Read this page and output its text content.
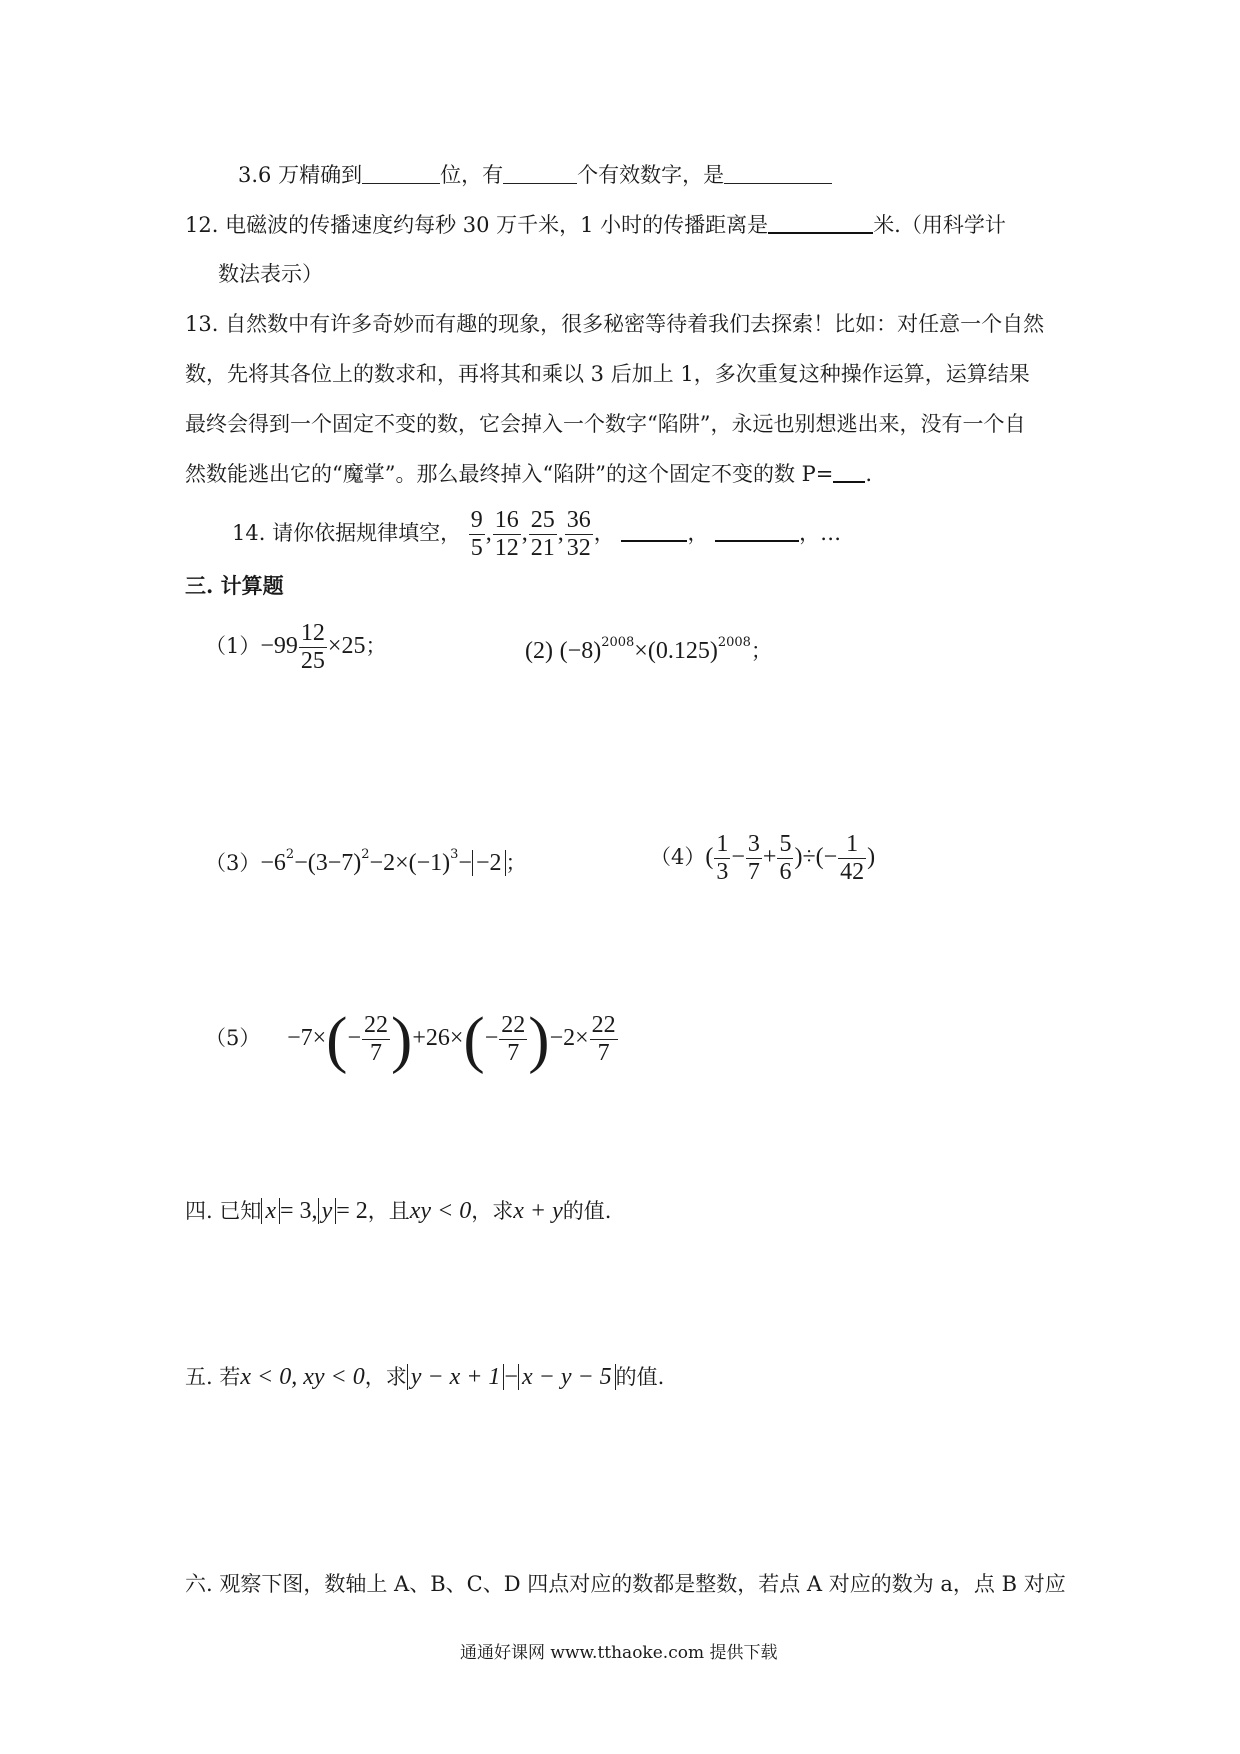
3.6 万精确到	位，有	个有效数字，是
12. 电磁波的传播速度约每秒 30 万千米，1 小时的传播距离是	米.（用科学计
数法表示）
13. 自然数中有许多奇妙而有趣的现象，很多秘密等待着我们去探索！比如：对任意一个自然
数，先将其各位上的数求和，再将其和乘以 3 后加上 1，多次重复这种操作运算，运算结果
最终会得到一个固定不变的数，它会掉入一个数字“陷阱”，永远也别想逃出来，没有一个自
然数能逃出它的“魔掌”。那么最终掉入“陷阱”的这个固定不变的数 P= .
14. 请你依据规律填空， $\frac{9}{5}$ , $\frac{16}{12}$ , $\frac{25}{21}$ , $\frac{36}{32}$ ，	，	，…
三. 计算题
$(1)-99 \frac{12}{25} \times 25$；	(2) $(-8)^{2008}\times(0.125)^{2008}$；
$(3)-6^2-(3-7)^2-2\times(-1)^3- -2$ ；	$(4)( \frac{1}{3} - \frac{3}{7} + \frac{5}{6}$ )÷(− $\frac{1}{42}$ )
$(5) -7\times(- \frac{22}{7} )+26\times(- \frac{22}{7} )-2\times \frac{22}{7}$
四. 已知 x = 3, y = 2，且xy < 0，求x + y的值.
五. 若x < 0, xy < 0，求 y − x + 1 − x − y − 5 的值.
六. 观察下图，数轴上 A、B、C、D 四点对应的数都是整数，若点 A 对应的数为 a，点 B 对应
通通好课网 www.tthaoke.com 提供下载
